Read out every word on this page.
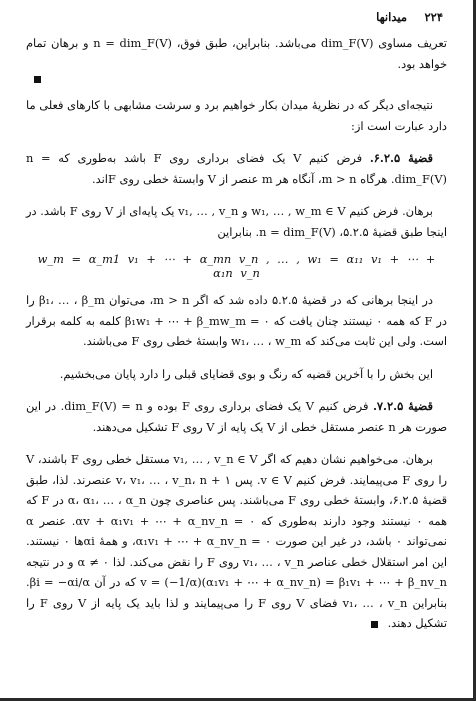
۲۲۴
میدانها

تعریف مساوی dim_F(V) می‌باشد. بنابراین، طبق فوق، n = dim_F(V) و برهان تمام خواهد بود.

نتیجه‌ای دیگر که در نظریهٔ میدان بکار خواهیم برد و سرشت مشابهی با کارهای فعلی ما دارد عبارت است از:

قضیهٔ ۶.۲.۵. فرض کنیم V یک فضای برداری روی F باشد به‌طوری که n = dim_F(V). هرگاه m > n، آنگاه هر m عنصر از V وابستهٔ خطی روی F‌اند.

برهان. فرض کنیم w₁, … , w_m ∈ V و v₁, … , v_n یک پایه‌ای از V روی F باشد. در اینجا طبق قضیهٔ ۵.۲.۵، n = dim_F(V). بنابراین

w_m = α_m1 v₁ + ⋯ + α_mn v_n , … , w₁ = α₁₁ v₁ + ⋯ + α₁n v_n

در اینجا برهانی که در قضیهٔ ۵.۲.۵ داده شد که اگر m > n، می‌توان β₁، … ، β_m را در F که همه ۰ نیستند چنان یافت که β₁w₁ + ⋯ + β_mw_m = ۰ کلمه به کلمه برقرار است. ولی این ثابت می‌کند که w₁، … ، w_m وابستهٔ خطی روی F می‌باشند.

این بخش را با آخرین قضیه که رنگ و بوی قضایای قبلی را دارد پایان می‌بخشیم.

قضیهٔ ۷.۲.۵. فرض کنیم V یک فضای برداری روی F بوده و dim_F(V) = n. در این صورت هر n عنصر مستقل خطی از V یک پایه از V روی F تشکیل می‌دهند.

برهان. می‌خواهیم نشان دهیم که اگر v₁, … , v_n ∈ V مستقل خطی روی F باشند، V را روی F می‌پیمایند. فرض کنیم v ∈ V. پس v، v₁، … ، v_n، n + ۱ عنصرند. لذا، طبق قضیهٔ ۶.۲.۵، وابستهٔ خطی روی F می‌باشند. پس عناصری چون α، α₁، … ، α_n در F که همه ۰ نیستند وجود دارند به‌طوری که αv + α₁v₁ + ⋯ + α_nv_n = ۰. عنصر α نمی‌تواند ۰ باشد، در غیر این صورت α₁v₁ + ⋯ + α_nv_n = ۰، و همهٔ αiها ۰ نیستند. این امر استقلال خطی عناصر v₁، … ، v_n روی F را نقض می‌کند. لذا α ≠ ۰ و در نتیجه v = (−1/α)(α₁v₁ + ⋯ + α_nv_n) = β₁v₁ + ⋯ + β_nv_n که در آن βi = −αi/α. بنابراین v₁، … ، v_n فضای V روی F را می‌پیمایند و لذا باید یک پایه از V روی F را تشکیل دهند.
